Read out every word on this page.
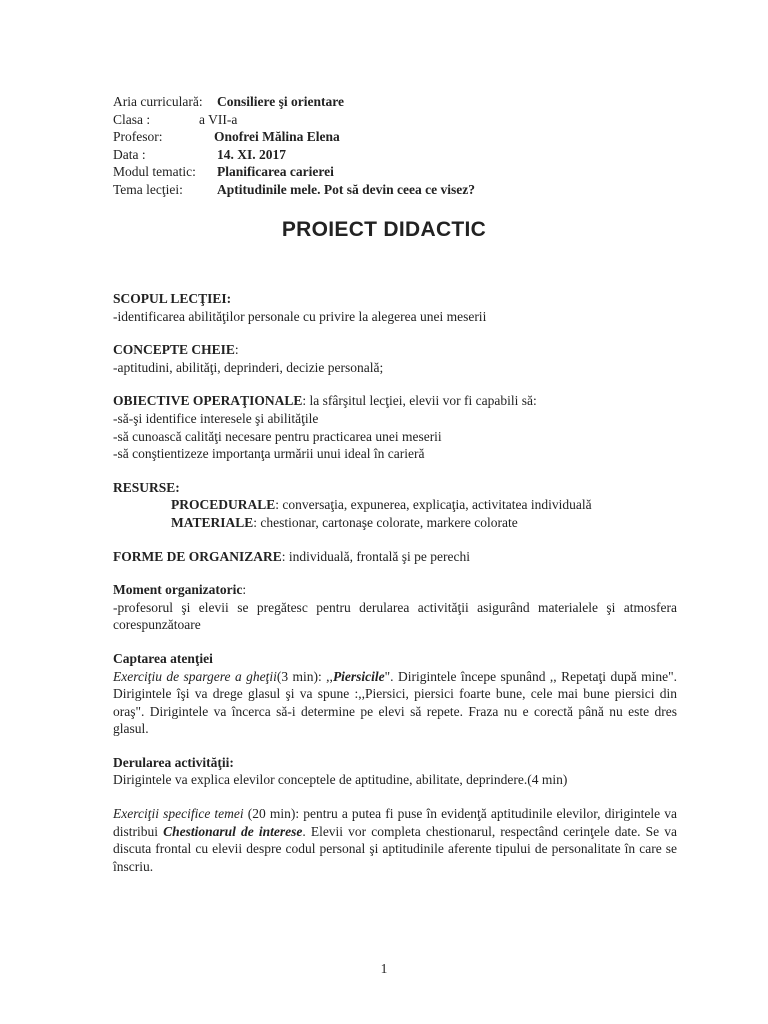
Aria curriculară:	Consiliere şi orientare
Clasa :	a VII-a
Profesor:	Onofrei Mălina Elena
Data :	14. XI. 2017
Modul tematic:	Planificarea carierei
Tema lecţiei:	Aptitudinile mele. Pot să devin ceea ce visez?
PROIECT DIDACTIC
SCOPUL LECŢIEI:
-identificarea abilităţilor personale cu privire la alegerea unei meserii
CONCEPTE CHEIE:
-aptitudini, abilităţi, deprinderi, decizie personală;
OBIECTIVE OPERAŢIONALE: la sfârşitul lecţiei, elevii vor fi capabili să:
-să-şi identifice interesele şi abilităţile
-să cunoască calităţi necesare pentru practicarea unei meserii
-să conştientizeze importanţa urmării unui ideal în carieră
RESURSE:
PROCEDURALE: conversaţia, expunerea, explicaţia, activitatea individuală
MATERIALE: chestionar, cartonaşe colorate, markere colorate
FORME DE ORGANIZARE: individuală, frontală şi pe perechi
Moment organizatoric:
-profesorul şi elevii se pregătesc pentru derularea activităţii asigurând materialele şi atmosfera corespunzătoare
Captarea atenţiei
Exerciţiu de spargere a gheţii(3 min): ,,Piersicile". Dirigintele începe spunând ,, Repetaţi după mine". Dirigintele îşi va drege glasul şi va spune :,,Piersici, piersici foarte bune, cele mai bune piersici din oraş". Dirigintele va încerca să-i determine pe elevi să repete. Fraza nu e corectă până nu este dres glasul.
Derularea activităţii:
Dirigintele va explica elevilor conceptele de aptitudine, abilitate, deprindere.(4 min)
Exerciţii specifice temei (20 min): pentru a putea fi puse în evidenţă aptitudinile elevilor, dirigintele va distribui Chestionarul de interese. Elevii vor completa chestionarul, respectând cerinţele date. Se va discuta frontal cu elevii despre codul personal şi aptitudinile aferente tipului de personalitate în care se înscriu.
1
